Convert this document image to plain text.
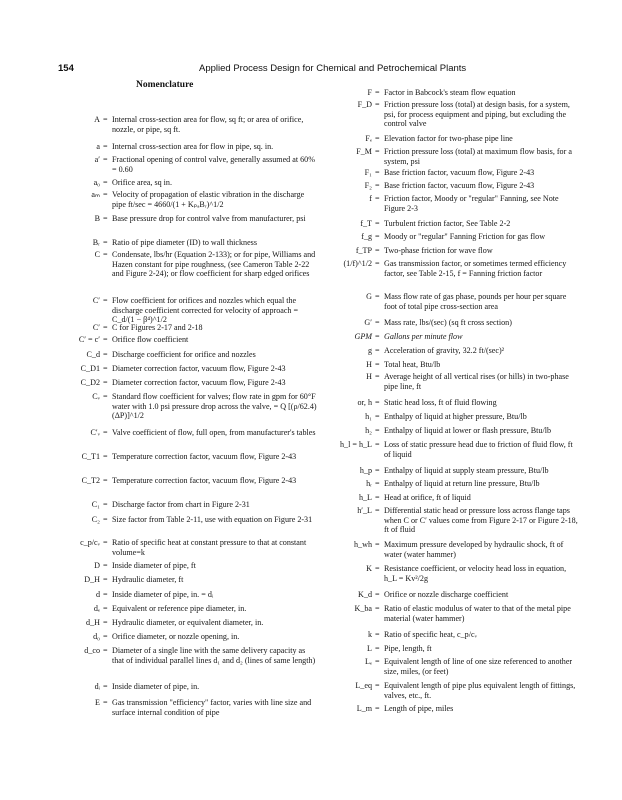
154	Applied Process Design for Chemical and Petrochemical Plants
Nomenclature
A = Internal cross-section area for flow, sq ft; or area of orifice, nozzle, or pipe, sq ft.
a = Internal cross-section area for flow in pipe, sq. in.
a′ = Fractional opening of control valve, generally assumed at 60% = 0.60
a₀ = Orifice area, sq in.
aₘ = Velocity of propagation of elastic vibration in the discharge pipe ft/sec = 4660/(1 + KₚₐBᵣ)^1/2
B = Base pressure drop for control valve from manufacturer, psi
Bᵣ = Ratio of pipe diameter (ID) to wall thickness
C = Condensate, lbs/hr (Equation 2-133); or for pipe, Williams and Hazen constant for pipe roughness, (see Cameron Table 2-22 and Figure 2-24); or flow coefficient for sharp edged orifices
C′ = Flow coefficient for orifices and nozzles which equal the discharge coefficient corrected for velocity of approach = C_d/(1 − β⁴)^1/2
C′ = C for Figures 2-17 and 2-18
C′ = c′ = Orifice flow coefficient
C_d = Discharge coefficient for orifice and nozzles
C_D1 = Diameter correction factor, vacuum flow, Figure 2-43
C_D2 = Diameter correction factor, vacuum flow, Figure 2-43
Cᵥ = Standard flow coefficient for valves; flow rate in gpm for 60°F water with 1.0 psi pressure drop across the valve, = Q [(ρ/62.4) (ΔP)]^1/2
C′ᵥ = Valve coefficient of flow, full open, from manufacturer's tables
C_T1 = Temperature correction factor, vacuum flow, Figure 2-43
C_T2 = Temperature correction factor, vacuum flow, Figure 2-43
C₁ = Discharge factor from chart in Figure 2-31
C₂ = Size factor from Table 2-11, use with equation on Figure 2-31
c_p/cᵥ = Ratio of specific heat at constant pressure to that at constant volume=k
D = Inside diameter of pipe, ft
D_H = Hydraulic diameter, ft
d = Inside diameter of pipe, in. = dᵢ
dₑ = Equivalent or reference pipe diameter, in.
d_H = Hydraulic diameter, or equivalent diameter, in.
d₀ = Orifice diameter, or nozzle opening, in.
d_co = Diameter of a single line with the same delivery capacity as that of individual parallel lines d₁ and d₂ (lines of same length)
dᵢ = Inside diameter of pipe, in.
E = Gas transmission "efficiency" factor, varies with line size and surface internal condition of pipe
F = Factor in Babcock's steam flow equation
F_D = Friction pressure loss (total) at design basis, for a system, psi, for process equipment and piping, but excluding the control valve
Fₑ = Elevation factor for two-phase pipe line
F_M = Friction pressure loss (total) at maximum flow basis, for a system, psi
F₁ = Base friction factor, vacuum flow, Figure 2-43
F₂ = Base friction factor, vacuum flow, Figure 2-43
f = Friction factor, Moody or "regular" Fanning, see Note Figure 2-3
f_T = Turbulent friction factor, See Table 2-2
f_g = Moody or "regular" Fanning Friction for gas flow
f_TP = Two-phase friction for wave flow
(1/f)^1/2 = Gas transmission factor, or sometimes termed efficiency factor, see Table 2-15, f = Fanning friction factor
G = Mass flow rate of gas phase, pounds per hour per square foot of total pipe cross-section area
G′ = Mass rate, lbs/(sec) (sq ft cross section)
GPM = Gallons per minute flow
g = Acceleration of gravity, 32.2 ft/(sec)²
H = Total heat, Btu/lb
H = Average height of all vertical rises (or hills) in two-phase pipe line, ft
or, h = Static head loss, ft of fluid flowing
h₁ = Enthalpy of liquid at higher pressure, Btu/lb
h₂ = Enthalpy of liquid at lower or flash pressure, Btu/lb
h_l = h_L = Loss of static pressure head due to friction of fluid flow, ft of liquid
h_p = Enthalpy of liquid at supply steam pressure, Btu/lb
hᵣ = Enthalpy of liquid at return line pressure, Btu/lb
h_L = Head at orifice, ft of liquid
h′_L = Differential static head or pressure loss across flange taps when C or C′ values come from Figure 2-17 or Figure 2-18, ft of fluid
h_wh = Maximum pressure developed by hydraulic shock, ft of water (water hammer)
K = Resistance coefficient, or velocity head loss in equation, h_L = Kv²/2g
K_d = Orifice or nozzle discharge coefficient
K_ba = Ratio of elastic modulus of water to that of the metal pipe material (water hammer)
k = Ratio of specific heat, c_p/cᵥ
L = Pipe, length, ft
Lₑ = Equivalent length of line of one size referenced to another size, miles, (or feet)
L_eq = Equivalent length of pipe plus equivalent length of fittings, valves, etc., ft.
L_m = Length of pipe, miles
